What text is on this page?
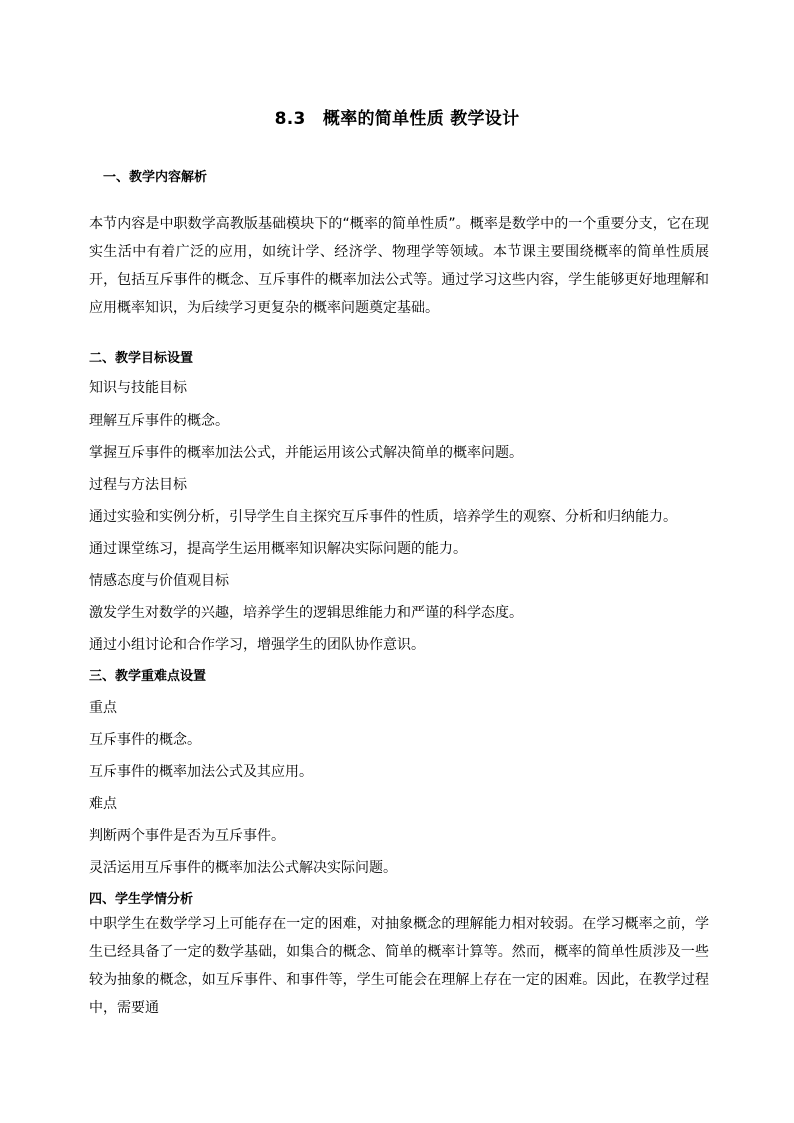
8.3　概率的简单性质 教学设计
一、教学内容解析
本节内容是中职数学高教版基础模块下的“概率的简单性质”。概率是数学中的一个重要分支，它在现实生活中有着广泛的应用，如统计学、经济学、物理学等领域。本节课主要围绕概率的简单性质展开，包括互斥事件的概念、互斥事件的概率加法公式等。通过学习这些内容，学生能够更好地理解和应用概率知识，为后续学习更复杂的概率问题奠定基础。
二、教学目标设置
知识与技能目标
理解互斥事件的概念。
掌握互斥事件的概率加法公式，并能运用该公式解决简单的概率问题。
过程与方法目标
通过实验和实例分析，引导学生自主探究互斥事件的性质，培养学生的观察、分析和归纳能力。
通过课堂练习，提高学生运用概率知识解决实际问题的能力。
情感态度与价值观目标
激发学生对数学的兴趣，培养学生的逻辑思维能力和严谨的科学态度。
通过小组讨论和合作学习，增强学生的团队协作意识。
三、教学重难点设置
重点
互斥事件的概念。
互斥事件的概率加法公式及其应用。
难点
判断两个事件是否为互斥事件。
灵活运用互斥事件的概率加法公式解决实际问题。
四、学生学情分析
中职学生在数学学习上可能存在一定的困难，对抽象概念的理解能力相对较弱。在学习概率之前，学生已经具备了一定的数学基础，如集合的概念、简单的概率计算等。然而，概率的简单性质涉及一些较为抽象的概念，如互斥事件、和事件等，学生可能会在理解上存在一定的困难。因此，在教学过程中，需要通
